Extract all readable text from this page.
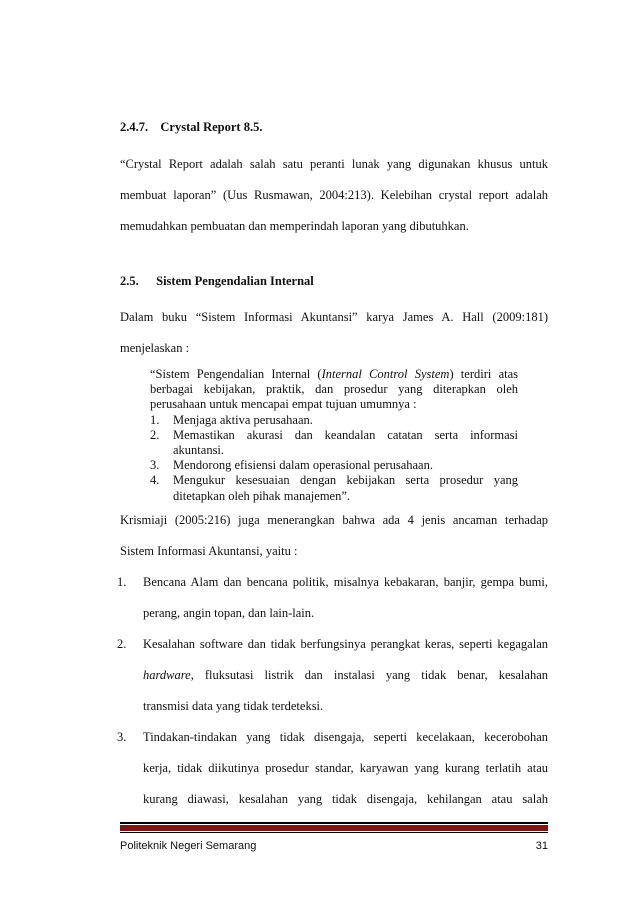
2.4.7. Crystal Report 8.5.

“Crystal Report adalah salah satu peranti lunak yang digunakan khusus untuk
membuat laporan” (Uus Rusmawan, 2004:213). Kelebihan crystal report adalah
memudahkan pembuatan dan memperindah laporan yang dibutuhkan.

2.5. Sistem Pengendalian Internal

Dalam buku “Sistem Informasi Akuntansi” karya James A. Hall (2009:181)
menjelaskan :
“Sistem Pengendalian Internal (Internal Control System) terdiri atas
berbagai kebijakan, praktik, dan prosedur yang diterapkan oleh
perusahaan untuk mencapai empat tujuan umumnya :
1. Menjaga aktiva perusahaan.
2. Memastikan akurasi dan keandalan catatan serta informasi
akuntansi.
3. Mendorong efisiensi dalam operasional perusahaan.
4. Mengukur kesesuaian dengan kebijakan serta prosedur yang
ditetapkan oleh pihak manajemen”.
Krismiaji (2005:216) juga menerangkan bahwa ada 4 jenis ancaman terhadap
Sistem Informasi Akuntansi, yaitu :
1. Bencana Alam dan bencana politik, misalnya kebakaran, banjir, gempa bumi,
perang, angin topan, dan lain-lain.
2. Kesalahan software dan tidak berfungsinya perangkat keras, seperti kegagalan
hardware, fluksutasi listrik dan instalasi yang tidak benar, kesalahan
transmisi data yang tidak terdeteksi.
3. Tindakan-tindakan yang tidak disengaja, seperti kecelakaan, kecerobohan
kerja, tidak diikutinya prosedur standar, karyawan yang kurang terlatih atau
kurang diawasi, kesalahan yang tidak disengaja, kehilangan atau salah
Politeknik Negeri Semarang	31
